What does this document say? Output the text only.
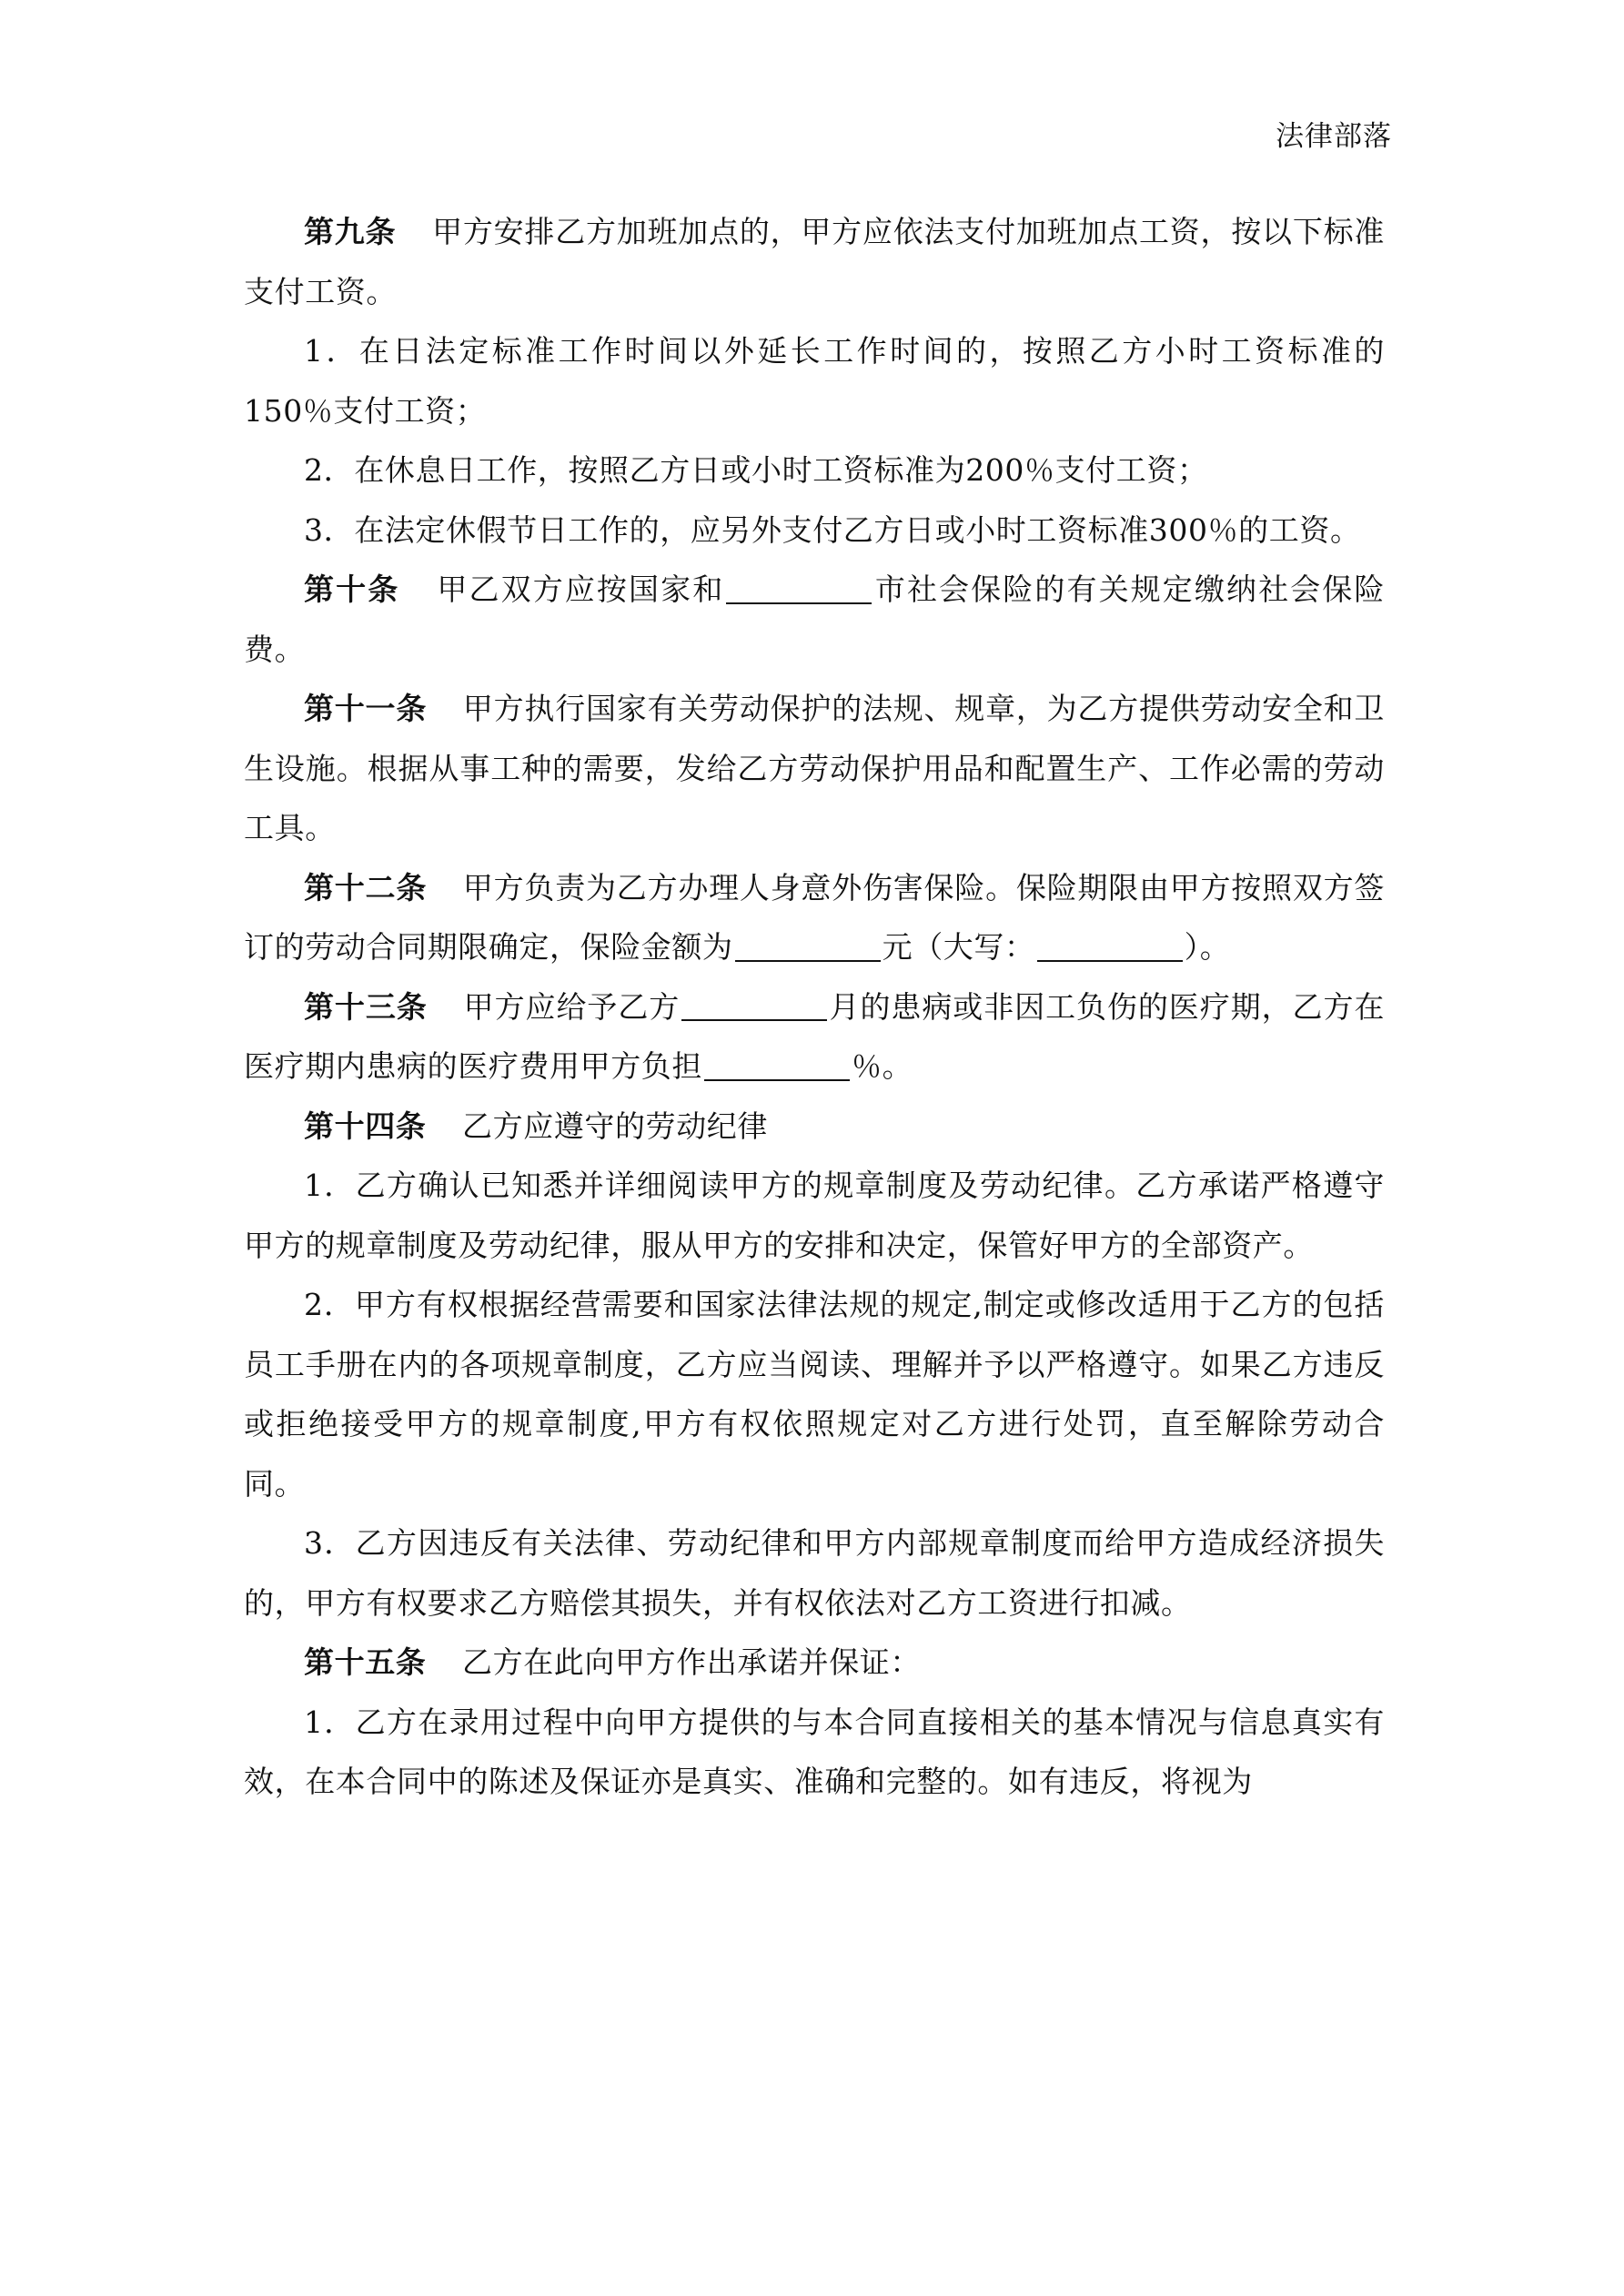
法律部落

第九条 甲方安排乙方加班加点的，甲方应依法支付加班加点工资，按以下标准支付工资。

1．在日法定标准工作时间以外延长工作时间的，按照乙方小时工资标准的150％支付工资；

2．在休息日工作，按照乙方日或小时工资标准为200％支付工资；

3．在法定休假节日工作的，应另外支付乙方日或小时工资标准300％的工资。

第十条 甲乙双方应按国家和	市社会保险的有关规定缴纳社会保险费。

第十一条 甲方执行国家有关劳动保护的法规、规章，为乙方提供劳动安全和卫生设施。根据从事工种的需要，发给乙方劳动保护用品和配置生产、工作必需的劳动工具。

第十二条 甲方负责为乙方办理人身意外伤害保险。保险期限由甲方按照双方签订的劳动合同期限确定，保险金额为	元（大写：	）。

第十三条 甲方应给予乙方	月的患病或非因工负伤的医疗期，乙方在医疗期内患病的医疗费用甲方负担	％。

第十四条 乙方应遵守的劳动纪律

1．乙方确认已知悉并详细阅读甲方的规章制度及劳动纪律。乙方承诺严格遵守甲方的规章制度及劳动纪律，服从甲方的安排和决定，保管好甲方的全部资产。

2．甲方有权根据经营需要和国家法律法规的规定,制定或修改适用于乙方的包括员工手册在内的各项规章制度，乙方应当阅读、理解并予以严格遵守。如果乙方违反或拒绝接受甲方的规章制度,甲方有权依照规定对乙方进行处罚，直至解除劳动合同。

3．乙方因违反有关法律、劳动纪律和甲方内部规章制度而给甲方造成经济损失的，甲方有权要求乙方赔偿其损失，并有权依法对乙方工资进行扣减。

第十五条 乙方在此向甲方作出承诺并保证：

1．乙方在录用过程中向甲方提供的与本合同直接相关的基本情况与信息真实有效，在本合同中的陈述及保证亦是真实、准确和完整的。如有违反，将视为
